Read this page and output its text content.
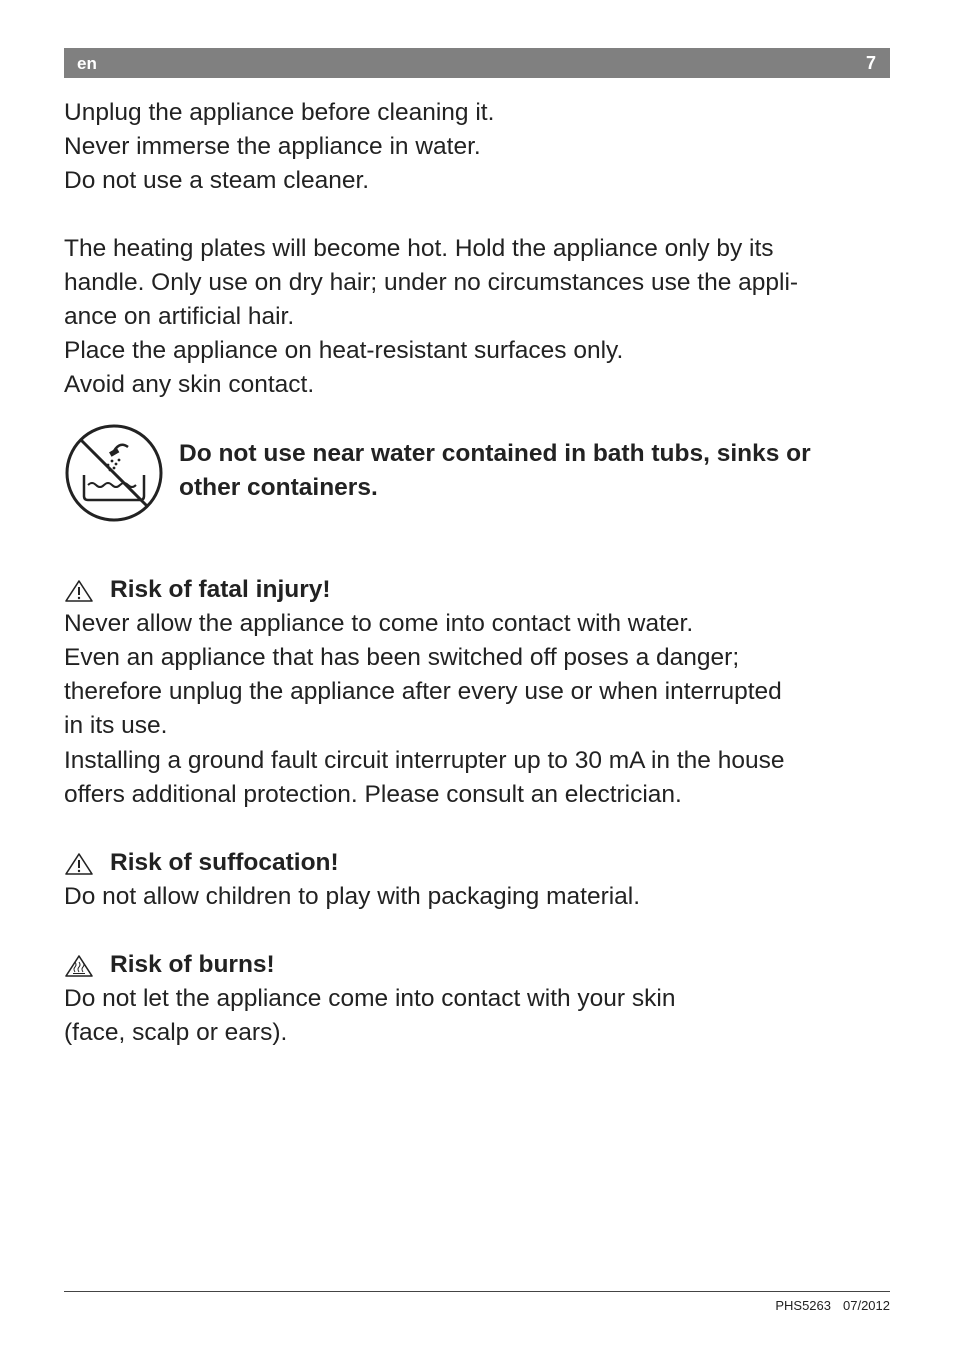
en	7
Unplug the appliance before cleaning it.
Never immerse the appliance in water.
Do not use a steam cleaner.
The heating plates will become hot. Hold the appliance only by its
handle. Only use on dry hair; under no circumstances use the appli-
ance on artificial hair.
Place the appliance on heat-resistant surfaces only.
Avoid any skin contact.
Do not use near water contained in bath tubs, sinks or
other containers.
Risk of fatal injury!
Never allow the appliance to come into contact with water.
Even an appliance that has been switched off poses a danger;
therefore unplug the appliance after every use or when interrupted
in its use.
Installing a ground fault circuit interrupter up to 30 mA in the house
offers additional protection. Please consult an electrician.
Risk of suffocation!
Do not allow children to play with packaging material.
Risk of burns!
Do not let the appliance come into contact with your skin
(face, scalp or ears).
PHS5263 07/2012
